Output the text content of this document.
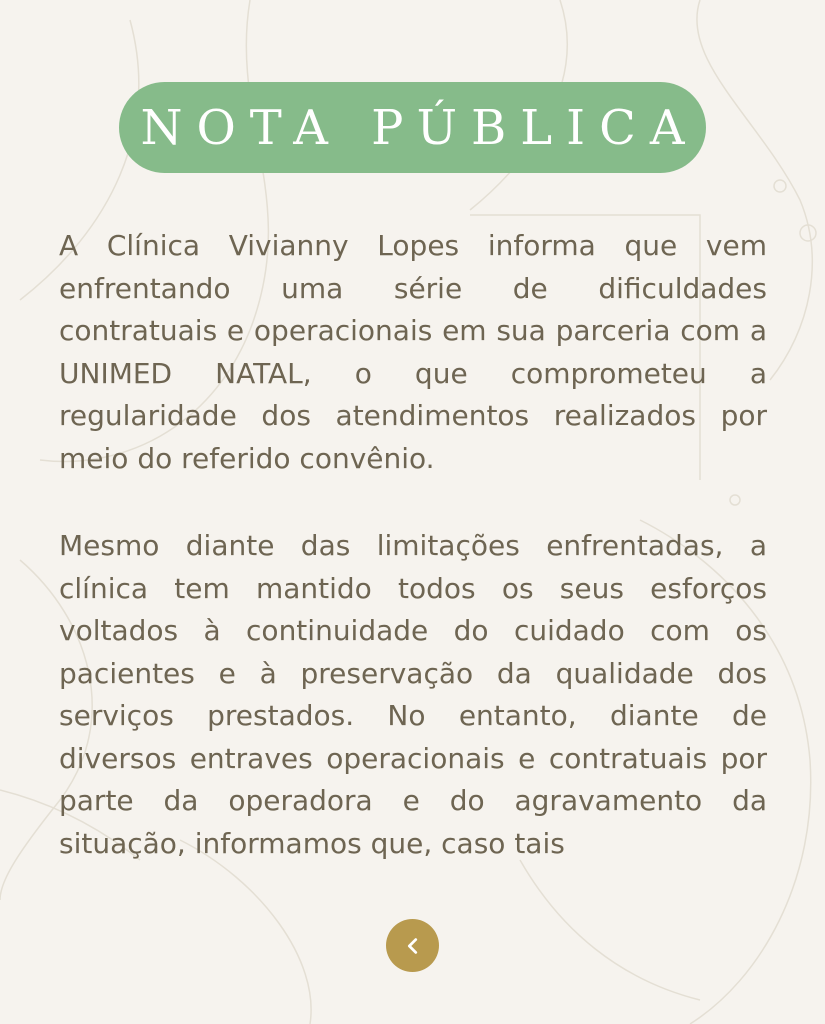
NOTA PÚBLICA

A Clínica Vivianny Lopes informa que vem enfrentando uma série de dificuldades contratuais e operacionais em sua parceria com a UNIMED NATAL, o que comprometeu a regularidade dos atendimentos realizados por meio do referido convênio.

Mesmo diante das limitações enfrentadas, a clínica tem mantido todos os seus esforços voltados à continuidade do cuidado com os pacientes e à preservação da qualidade dos serviços prestados. No entanto, diante de diversos entraves operacionais e contratuais por parte da operadora e do agravamento da situação, informamos que, caso tais
